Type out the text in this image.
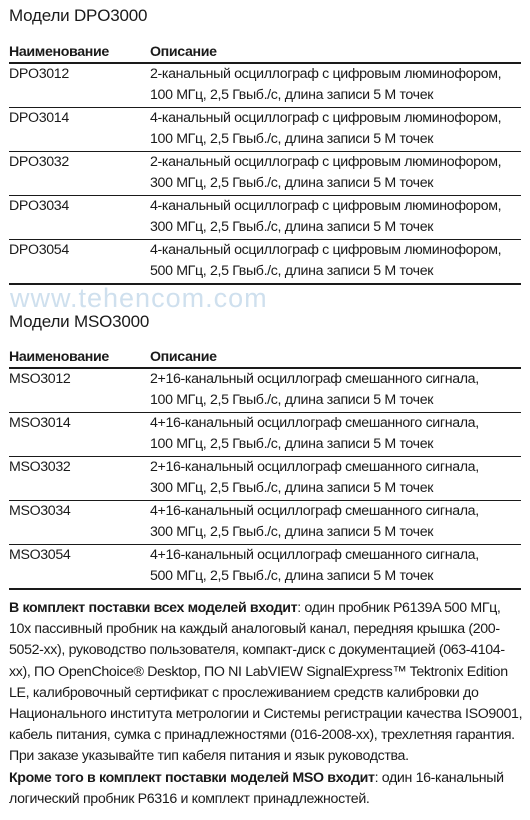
Модели DPO3000
Наименование	Описание
DPO3012	2-канальный осциллограф с цифровым люминофором,
100 МГц, 2,5 Гвыб./с, длина записи 5 М точек

DPO3014	4-канальный осциллограф с цифровым люминофором,
100 МГц, 2,5 Гвыб./с, длина записи 5 М точек

DPO3032	2-канальный осциллограф с цифровым люминофором,
300 МГц, 2,5 Гвыб./с, длина записи 5 М точек

DPO3034	4-канальный осциллограф с цифровым люминофором,
300 МГц, 2,5 Гвыб./с, длина записи 5 М точек

DPO3054	4-канальный осциллограф с цифровым люминофором,
500 МГц, 2,5 Гвыб./с, длина записи 5 М точек
www.tehencom.com
Модели MSO3000
Наименование	Описание
MSO3012	2+16-канальный осциллограф смешанного сигнала,
100 МГц, 2,5 Гвыб./с, длина записи 5 М точек

MSO3014	4+16-канальный осциллограф смешанного сигнала,
100 МГц, 2,5 Гвыб./с, длина записи 5 М точек

MSO3032	2+16-канальный осциллограф смешанного сигнала,
300 МГц, 2,5 Гвыб./с, длина записи 5 М точек

MSO3034	4+16-канальный осциллограф смешанного сигнала,
300 МГц, 2,5 Гвыб./с, длина записи 5 М точек

MSO3054	4+16-канальный осциллограф смешанного сигнала,
500 МГц, 2,5 Гвыб./с, длина записи 5 М точек

В комплект поставки всех моделей входит: один пробник P6139A 500 МГц, 10х пассивный пробник на каждый аналоговый канал, передняя крышка (200-5052-xx), руководство пользователя, компакт-диск с документацией (063-4104-xx), ПО OpenChoice® Desktop, ПО NI LabVIEW SignalExpress™ Tektronix Edition LE, калибровочный сертификат с прослеживанием средств калибровки до Национального института метрологии и Системы регистрации качества ISO9001, кабель питания, сумка с принадлежностями (016-2008-xx), трехлетняя гарантия. При заказе указывайте тип кабеля питания и язык руководства.

Кроме того в комплект поставки моделей MSO входит: один 16-канальный логический пробник P6316 и комплект принадлежностей.
